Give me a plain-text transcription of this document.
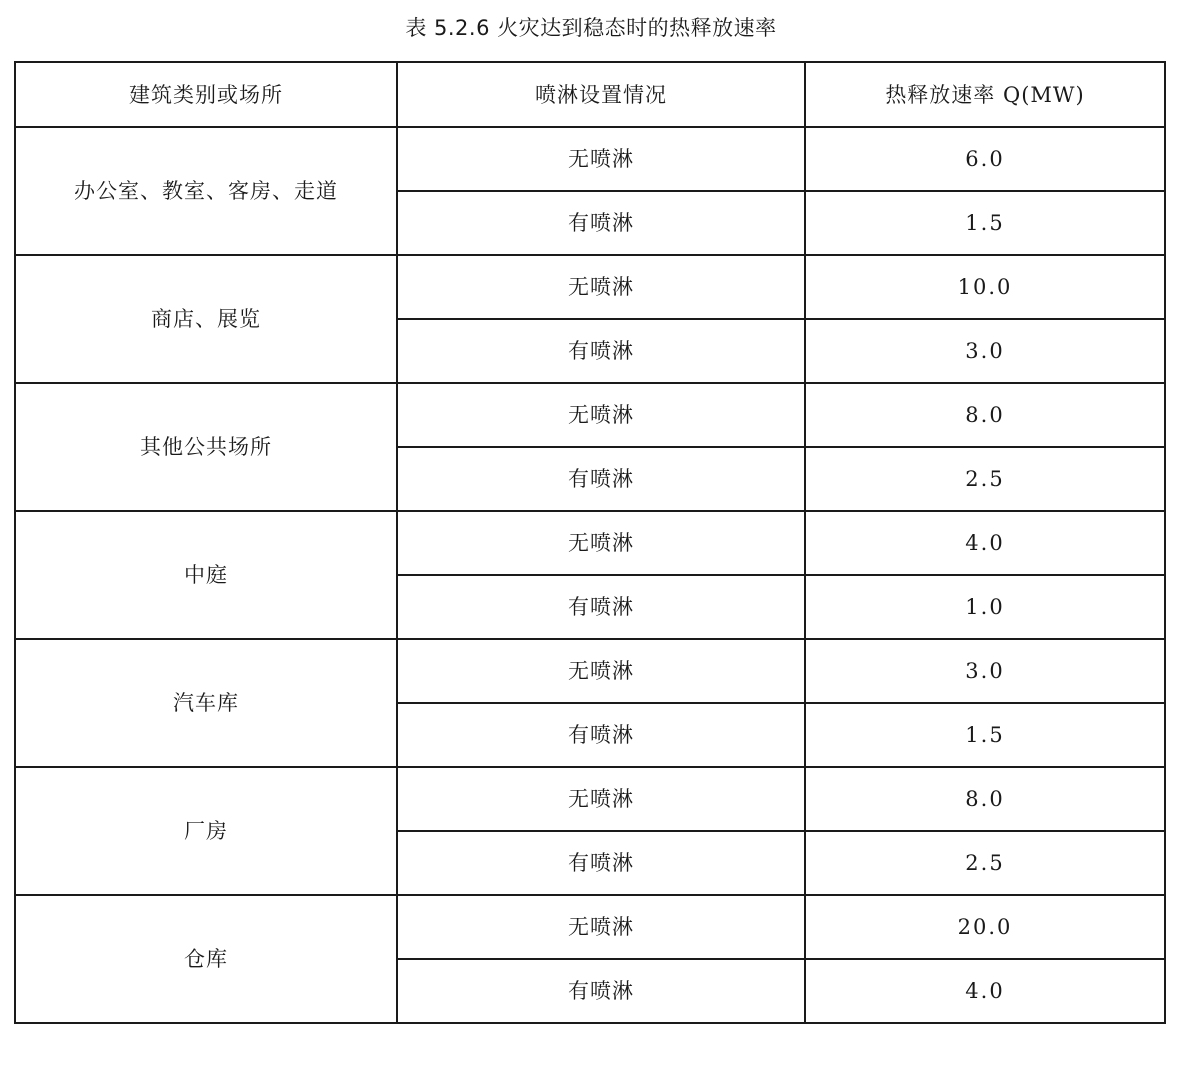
表 5.2.6 火灾达到稳态时的热释放速率
建筑类别或场所	喷淋设置情况	热释放速率 Q(MW)
办公室、教室、客房、走道	无喷淋	6.0
	有喷淋	1.5
商店、展览	无喷淋	10.0
	有喷淋	3.0
其他公共场所	无喷淋	8.0
	有喷淋	2.5
中庭	无喷淋	4.0
	有喷淋	1.0
汽车库	无喷淋	3.0
	有喷淋	1.5
厂房	无喷淋	8.0
	有喷淋	2.5
仓库	无喷淋	20.0
	有喷淋	4.0
